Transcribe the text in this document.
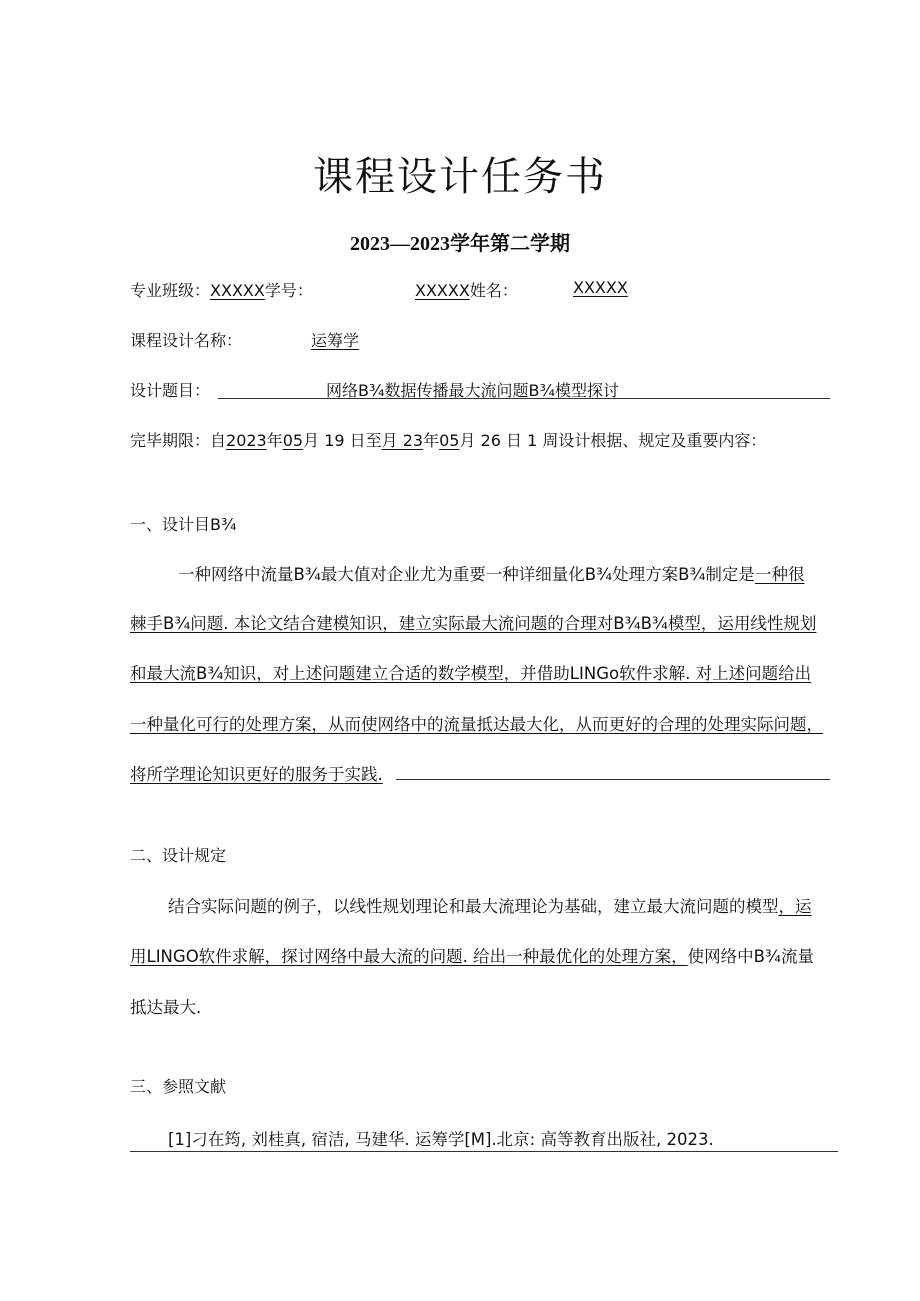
课程设计任务书
2023—2023学年第二学期
专业班级：XXXXX学号：	XXXXX姓名：	XXXXX
课程设计名称：	运筹学
设计题目：	网络B¾数据传播最大流问题B¾模型探讨
完毕期限：自2023年05月 19 日至月 23年05月 26 日 1 周设计根据、规定及重要内容：
一、设计目B¾
一种网络中流量B¾最大值对企业尤为重要一种详细量化B¾处理方案B¾制定是一种很
棘手B¾问题. 本论文结合建模知识，建立实际最大流问题的合理对B¾B¾模型，运用线性规划
和最大流B¾知识，对上述问题建立合适的数学模型，并借助LINGo软件求解. 对上述问题给出
一种量化可行的处理方案，从而使网络中的流量抵达最大化，从而更好的合理的处理实际问题，
将所学理论知识更好的服务于实践.
二、设计规定
结合实际问题的例子，以线性规划理论和最大流理论为基础，建立最大流问题的模型，运
用LINGO软件求解，探讨网络中最大流的问题. 给出一种最优化的处理方案，使网络中B¾流量
抵达最大.
三、参照文献
[1]刁在筠, 刘桂真, 宿洁, 马建华. 运筹学[M].北京: 高等教育出版社, 2023.
